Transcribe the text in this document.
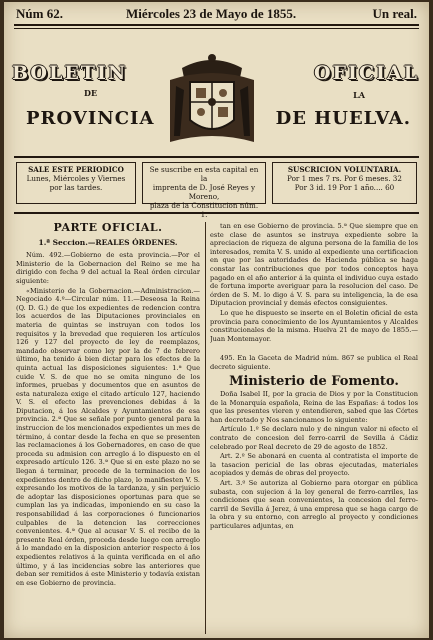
Núm 62.	Miércoles 23 de Mayo de 1855.	Un real.
BOLETIN
DE
OFICIAL
LA
PROVINCIA	DE HUELVA.
SALE ESTE PERIODICO
Lunes, Miércoles y Viernes
por las tardes.
Se suscribe en esta capital en la
imprenta de D. José Reyes y Moreno,
plaza de la Constitucion núm. 1.
SUSCRICION VOLUNTARIA.
Por 1 mes 7 rs. Por 6 meses. 32
Por 3 id. 19 Por 1 año.... 60
PARTE OFICIAL.
1.ª Seccion.—REALES ÓRDENES.

Núm. 492.—Gobierno de esta provincia.—Por el Ministerio de la Gobernacion del Reino se me ha dirigido con fecha 9 del actual la Real órden circular siguiente:

«Ministerio de la Gobernacion.—Administracion.—Negociado 4.º—Circular núm. 11.—Deseosa la Reina (Q. D. G.) de que los expedientes de redencion contra los acuerdos de las Diputaciones provinciales en materia de quintas se instruyan con todos los requisitos y la brevedad que requieren los artículos 126 y 127 del proyecto de ley de reemplazos, mandado observar como ley por la de 7 de febrero último, ha tenido á bien dictar para los efectos de la quinta actual las disposiciones siguientes: 1.ª Que cuide V. S. de que no se omita ninguno de los informes, pruebas y documentos que en asuntos de esta naturaleza exige el citado artículo 127, haciendo V. S. el efecto las prevenciones debidas á la Diputacion, á los Alcaldes y Ayuntamientos de esa provincia. 2.ª Que se señale por punto general para la instruccion de los mencionados expedientes un mes de término, á contar desde la fecha en que se presenten las reclamaciones á los Gobernadores, en caso de que proceda su admision con arreglo á lo dispuesto en el expresado artículo 126. 3.ª Que si en este plazo no se llegan á terminar, procede de la terminacion de los expedientes dentro de dicho plazo, lo manifiesten V. S. expresando los motivos de la tardanza, y sin perjuicio de adoptar las disposiciones oportunas para que se cumplan las ya indicadas, imponiendo en su caso la responsabilidad á las corporaciones ó funcionarios culpables de la detencion las correcciones convenientes. 4.ª Que al acusar V. S. el recibo de la presente Real órden, proceda desde luego con arreglo á lo mandado en la disposicion anterior respecto á los expedientes relativos á la quinta verificada en el año último, y á las incidencias sobre las anteriores que deban ser remitidos á este Ministerio y todavía existan en ese Gobierno de provincia.

tan en ese Gobierno de provincia. 5.ª Que siempre que en este clase de asuntos se instruya expediente sobre la apreciacion de riqueza de alguna persona de la familia de los interesados, remita V. S. unido al expediente una certificacion en que por las autoridades de Hacienda pública se haga constar las contribuciones que por todos conceptos haya pagado en el año anterior á la quinta el individuo cuya estado de fortuna importe averiguar para la resolucion del caso. De órden de S. M. lo digo á V. S. para su inteligencia, la de esa Diputacion provincial y demás efectos consiguientes.

Lo que he dispuesto se inserte en el Boletin oficial de esta provincia para conocimiento de los Ayuntamientos y Alcaldes constitucionales de la misma. Huelva 21 de mayo de 1855.—Juan Montemayor.

495. En la Gaceta de Madrid núm. 867 se publica el Real decreto siguiente.

Ministerio de Fomento.

Doña Isabel II, por la gracia de Dios y por la Constitucion de la Monarquía española, Reina de las Españas: á todos los que las presentes vieren y entendieren, sabed que las Córtes han decretado y Nos sancionamos lo siguiente:

Artículo 1.º Se declara nulo y de ningun valor ni efecto el contrato de concesion del ferro-carril de Sevilla á Cádiz celebrado por Real decreto de 29 de agosto de 1852.

Art. 2.º Se abonará en cuenta al contratista el importe de la tasacion pericial de las obras ejecutadas, materiales acopiados y demás de obras del proyecto.

Art. 3.º Se autoriza al Gobierno para otorgar en pública subasta, con sujecion á la ley general de ferro-carriles, las condiciones que sean convenientes, la concesion del ferro-carril de Sevilla á Jerez, á una empresa que se haga cargo de la obra y su entorno, con arreglo al proyecto y condiciones particulares adjuntas, en
